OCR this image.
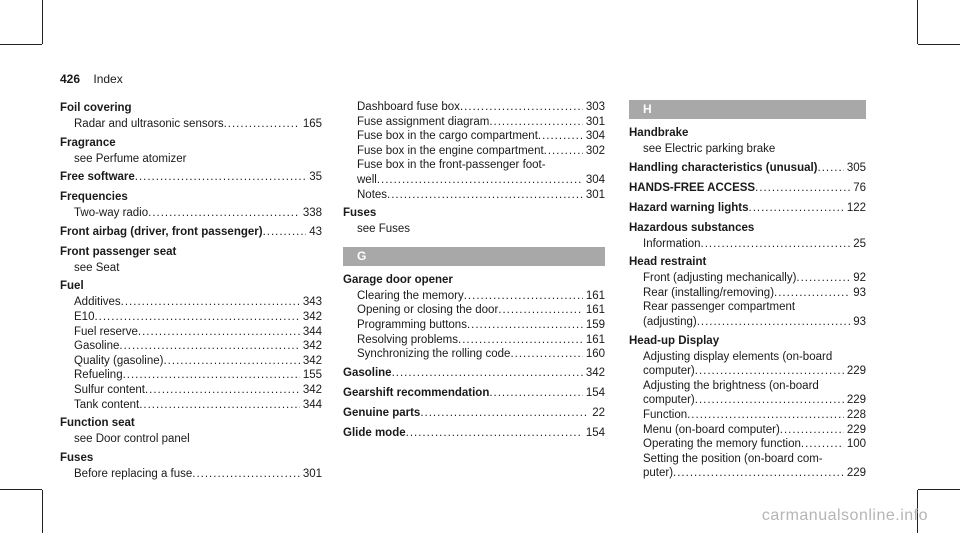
426 Index
Foil covering
Radar and ultrasonic sensors .....	165
Fragrance
see Perfume atomizer
Free software .....	35
Frequencies
Two-way radio .....	338
Front airbag (driver, front passenger) .....	43
Front passenger seat
see Seat
Fuel
Additives .....	343
E10 .....	342
Fuel reserve .....	344
Gasoline .....	342
Quality (gasoline) .....	342
Refueling .....	155
Sulfur content .....	342
Tank content .....	344
Function seat
see Door control panel
Fuses
Before replacing a fuse .....	301
Dashboard fuse box .....	303
Fuse assignment diagram .....	301
Fuse box in the cargo compartment .....	304
Fuse box in the engine compartment .....	302
Fuse box in the front-passenger foot-
well .....	304
Notes .....	301
Fuses
see Fuses
G
Garage door opener
Clearing the memory .....	161
Opening or closing the door .....	161
Programming buttons .....	159
Resolving problems .....	161
Synchronizing the rolling code .....	160
Gasoline .....	342
Gearshift recommendation .....	154
Genuine parts .....	22
Glide mode .....	154
H
Handbrake
see Electric parking brake
Handling characteristics (unusual) .....	305
HANDS-FREE ACCESS .....	76
Hazard warning lights .....	122
Hazardous substances
Information .....	25
Head restraint
Front (adjusting mechanically) .....	92
Rear (installing/removing) .....	93
Rear passenger compartment
(adjusting) .....	93
Head-up Display
Adjusting display elements (on-board
computer) .....	229
Adjusting the brightness (on-board
computer) .....	229
Function .....	228
Menu (on-board computer) .....	229
Operating the memory function .....	100
Setting the position (on-board com-
puter) .....	229
carmanualsonline.info
